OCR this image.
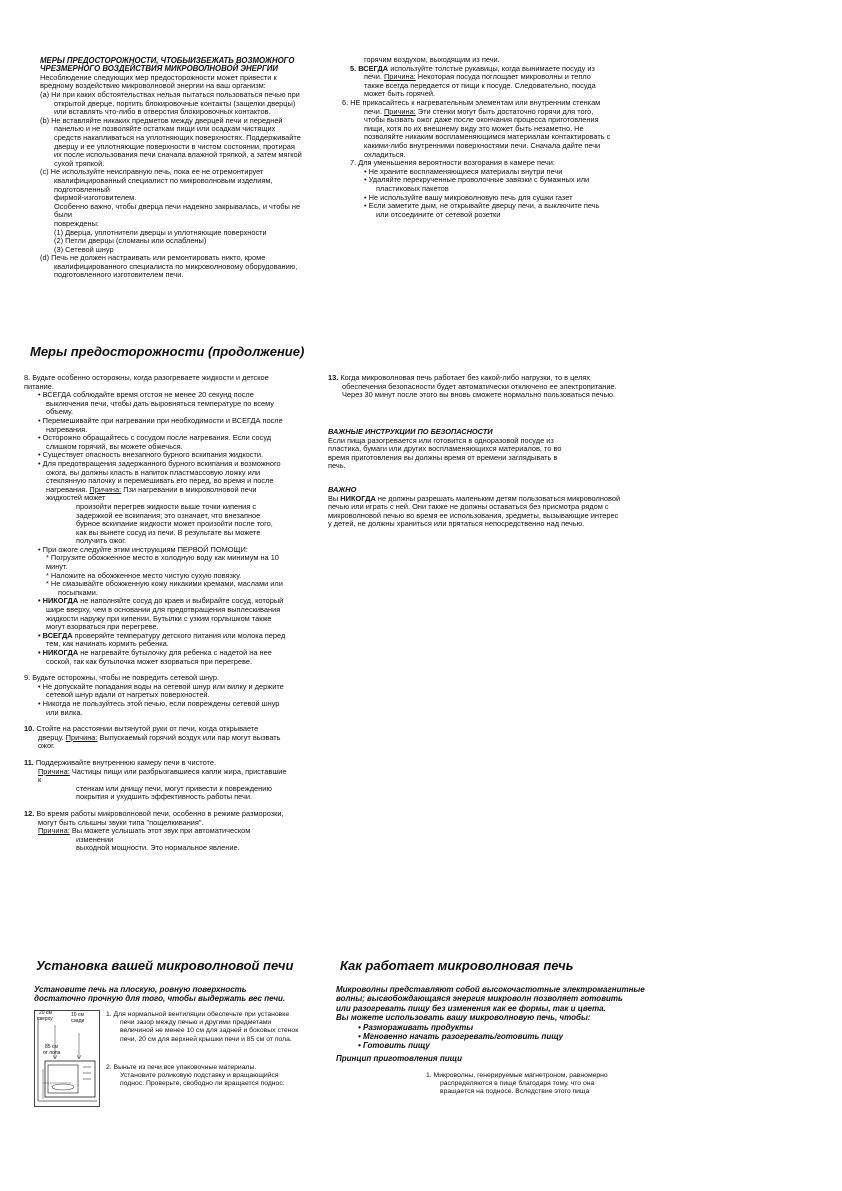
МЕРЫ ПРЕДОСТОРОЖНОСТИ, ЧТОБЫИЗБЕЖАТЬ ВОЗМОЖНОГО

ЧРЕЗМЕРНОГО ВОЗДЕЙСТВИЯ МИКРОВОЛНОВОЙ ЭНЕРГИИ

Несоблюдение следующих мер предосторожности может привести к

вредному воздействию микроволновой энергии на ваш организм:

(a) Ни при каких обстоятельствах нельзя пытаться пользоваться печью при

открытой дверце, портить блокировочные контакты (защелки дверцы)

или вставлять что-либо в отверстия блокировочных контактов.

(b) Не вставляйте никаких предметов между дверцей печи и передней

панелью и не позволяйте остаткам пищи или осадкам чистящих

средств накапливаться на уплотняющих поверхностях. Поддерживайте

дверцу и ее уплотняющие поверхности в чистом состоянии, протирая

их после использования печи сначала влажной тряпкой, а затем мягкой

сухой тряпкой.

(c) Не используйте неисправную печь, пока ее не отремонтирует

квалифицированный специалист по микроволновым изделиям,

подготовленный

фирмой-изготовителем.

Особенно важно, чтобы дверца печи надежно закрывалась, и чтобы не

были

повреждены:

(1) Дверца, уплотнители дверцы и уплотняющие поверхности

(2) Петли дверцы (сломаны или ослаблены)

(3) Сетевой шнур

(d) Печь не должен настраивать или ремонтировать никто, кроме

квалифицированного специалиста по микроволновому оборудованию,

подготовленного изготовителем печи.

горячим воздухом, выходящим из печи.

5. ВСЕГДА используйте толстые рукавицы, когда вынимаете посуду из

печи. Причина: Некоторая посуда поглощает микроволны и тепло

также всегда передается от пищи к посуде. Следовательно, посуда

может быть горячей.

6. НЕ прикасайтесь к нагревательным элементам или внутренним стенкам

печи. Причина: Эти стенки могут быть достаточно горячи для того,

чтобы вызвать ожог даже после окончания процесса приготовления

пищи, хотя по их внешнему виду это может быть незаметно. Не

позволяйте никаким воспламеняющимся материалам контактировать с

какими-либо внутренними поверхностями печи. Сначала дайте печи

охладиться.

7. Для уменьшения вероятности возгорания в камере печи:

• Не храните воспламеняющиеся материалы внутри печи

• Удаляйте перекрученные проволочные завязки с бумажных или

пластиковых пакетов

• Не используйте вашу микроволновую печь для сушки газет

• Если заметите дым, не открывайте дверцу печи, а выключите печь

или отсоедините от сетевой розетки

Меры предосторожности (продолжение)

8. Будьте особенно осторожны, когда разогреваете жидкости и детское

питание.

• ВСЕГДА соблюдайте время отстоя не менее 20 секунд после

выключения печи, чтобы дать выровняться температуре по всему

объему.

• Перемешивайте при нагревании при необходимости и ВСЕГДА после

нагревания.

• Осторожно обращайтесь с сосудом после нагревания. Если сосуд

слишком горячий, вы можете обжечься.

• Существует опасность внезапного бурного вскипания жидкости.

• Для предотвращения задержанного бурного вскипания и возможного

ожога, вы должны класть в напиток пластмассовую ложку или

стеклянную палочку и перемешивать его перед, во время и после

нагревания. Причина: Пзи нагревании в микроволновой печи

жидкостей может

произойти перегрев жидкости выше точки кипения с

задержкой ее вскипания; это означает, что внезапное

бурное вскипание жидкости может произойти после того,

как вы вынете сосуд из печи. В результате вы можете

получить ожог.

• При ожоге следуйте этим инструкциям ПЕРВОЙ ПОМОЩИ:

* Погрузите обожженное место в холодную воду как минимум на 10

минут.

* Наложите на обожженное место чистую сухую повязку.

* Не смазывайте обожженную кожу никакими кремами, маслами или

посыпками.

• НИКОГДА не наполняйте сосуд до краев и выбирайте сосуд, который

шире вверху, чем в основании для предотвращения выплескивания

жидкости наружу при кипении. Бутылки с узким горлышком также

могут взорваться при перегреве.

• ВСЕГДА проверяйте температуру детского питания или молока перед

тем, как начинать кормить ребенка.

• НИКОГДА не нагревайте бутылочку для ребенка с надетой на нее

соской, так как бутылочка может взорваться при перегреве.

9. Будьте осторожны, чтобы не повредить сетевой шнур.

• Не допускайте попадания воды на сетевой шнур или вилку и держите

сетевой шнур вдали от нагретых поверхностей.

• Никогда не пользуйтесь этой печью, если повреждены сетевой шнур

или вилка.

10. Стойте на расстоянии вытянутой руки от печи, когда открываете

дверцу. Причина: Выпускаемый горячий воздух или пар могут вызвать

ожог.

11. Поддерживайте внутреннюю камеру печи в чистоте.

Причина: Частицы пищи или разбрызгавшиеся капли жира, приставшие

к

стенкам или днищу печи, могут привести к повреждению

покрытия и ухудшить эффективность работы печи.

12. Во время работы микроволновой печи, особенно в режиме разморозки,

могут быть слышны звуки типа "пощелкивания".

Причина: Вы можете услышать этот звук при автоматическом

изменении

выходной мощности. Это нормальное явление.

13. Когда микроволновая печь работает без какой-либо нагрузки, то в целях

обеспечения безопасности будет автоматически отключено ее электропитание.

Через 30 минут после этого вы вновь сможете нормально пользоваться печью.

ВАЖНЫЕ ИНСТРУКЦИИ ПО БЕЗОПАСНОСТИ

Если пища разогревается или готовится в одноразовой посуде из

пластика, бумаги или других воспламеняющихся материалов, то во

время приготовления вы должны время от времени заглядывать в

печь.

ВАЖНО

Вы НИКОГДА не должны разрешать маленьким детям пользоваться микроволновой

печью или играть с ней. Они также не должны оставаться без присмотра рядом с

микроволновой печью во время ее использования, зредметы, вызывающие интерес

у детей, не должны храниться или прятаться непосредственно над печью.

Установка вашей микроволновой печи	Как работает микроволновая печь

Установите печь на плоскую, ровную поверхность

достаточно прочную для того, чтобы выдержать вес печи.

20 см
сверху
10 см
сзади
85 см
от пола

1. Для нормальной вентиляции обеспечьте при установке

печи зазор между печью и другими предметами

величиной не менее 10 см для задней и боковых стенок

печи, 20 см для верхней крышки печи и 85 см от пола.

2. Выньте из печи все упаковочные материалы.

Установите роликовую подставку и вращающийся

поднос. Проверьте, свободно ли вращается поднос.

Микроволны представляют собой высокочастотные электромагнитные

волны; высвобождающаяся энергия микроволн позволяет готовить

или разогревать пищу без изменения как ее формы, так и цвета.

Вы можете использовать вашу микроволновую печь, чтобы:

• Размораживать продукты

• Мгновенно начать разогревать/готовить пищу

• Готовить пищу

Принцип приготовления пищи

1. Микроволны, генерируемые магнетроном, равномерно

распределяются в пище благодаря тому, что она

вращается на подносе. Вследствие этого пища
